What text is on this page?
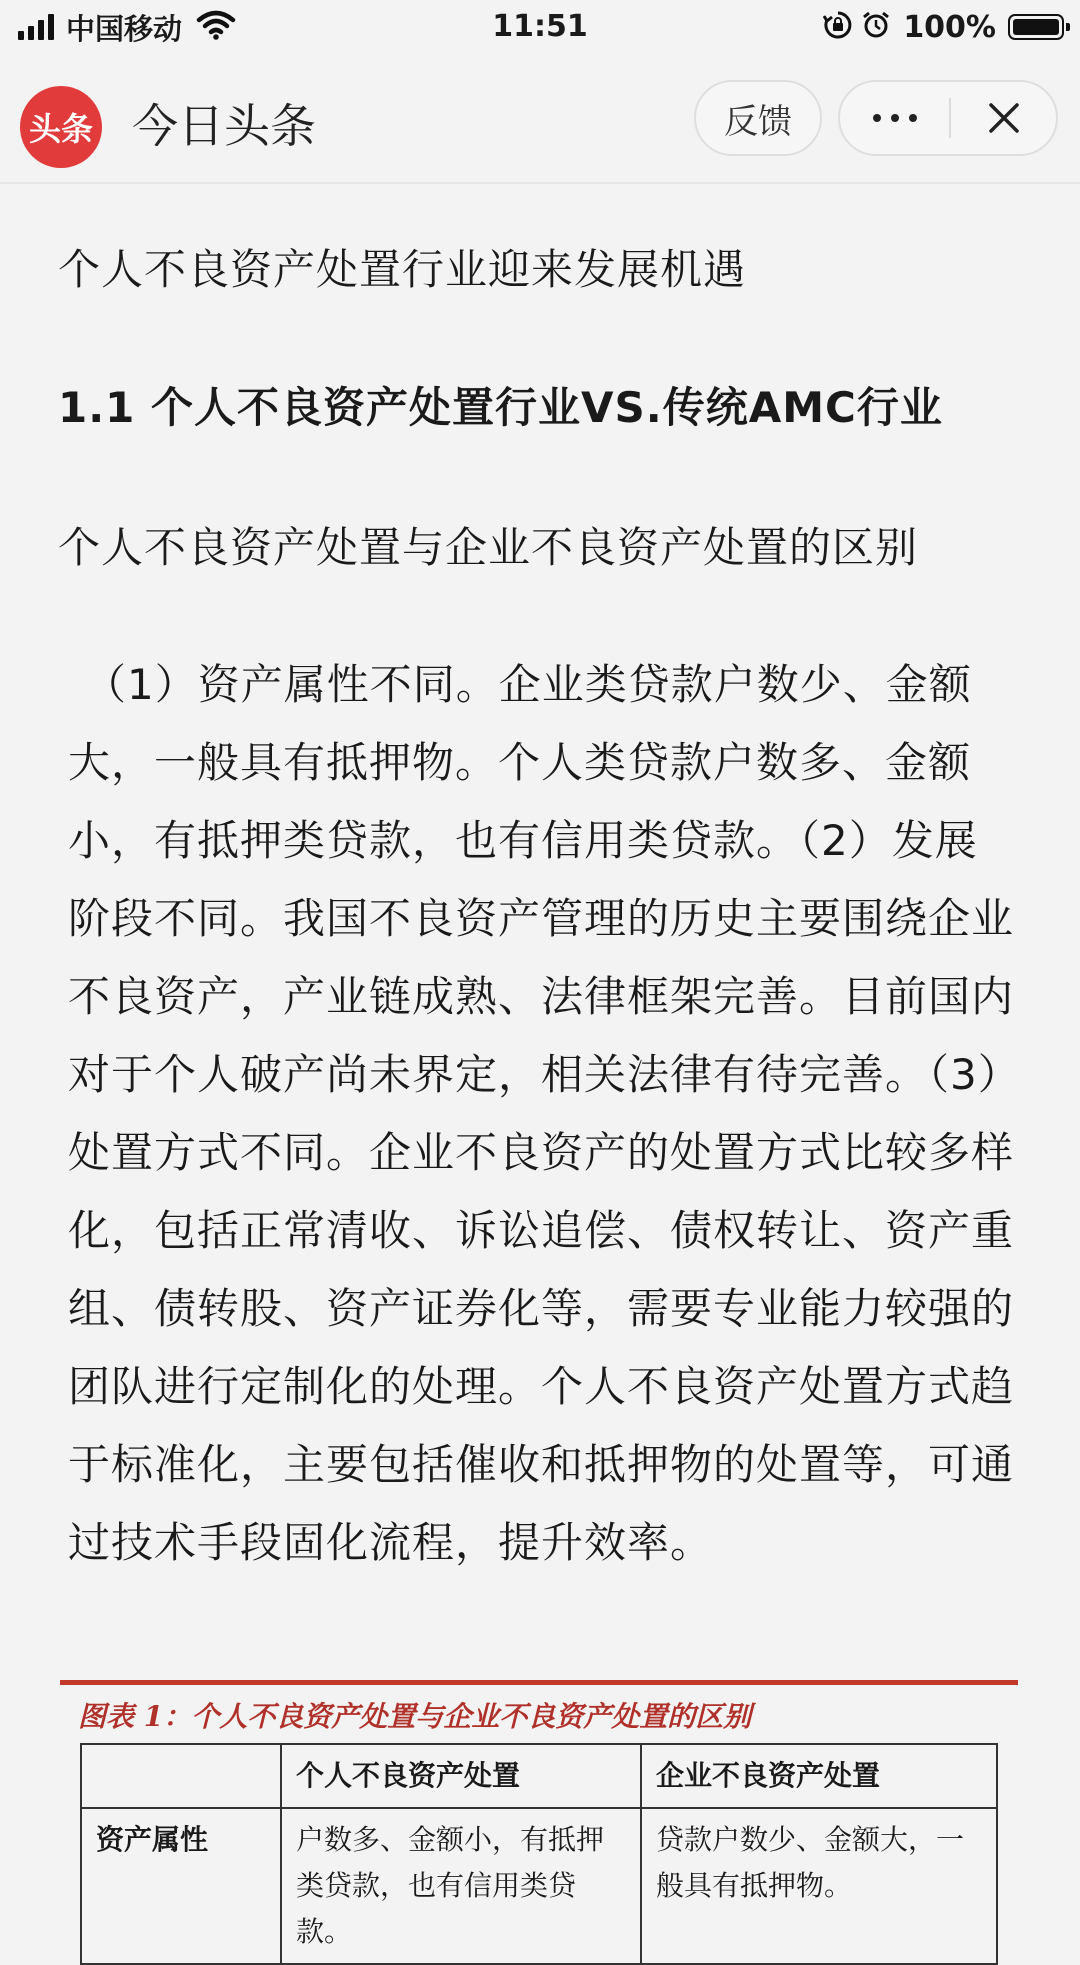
中国移动	11:51	100%
头条 今日头条	反馈

个人不良资产处置行业迎来发展机遇

1.1 个人不良资产处置行业VS.传统AMC行业

个人不良资产处置与企业不良资产处置的区别

（1）资产属性不同。企业类贷款户数少、金额大，一般具有抵押物。个人类贷款户数多、金额小，有抵押类贷款，也有信用类贷款。（2）发展阶段不同。我国不良资产管理的历史主要围绕企业不良资产，产业链成熟、法律框架完善。目前国内对于个人破产尚未界定，相关法律有待完善。（3）处置方式不同。企业不良资产的处置方式比较多样化，包括正常清收、诉讼追偿、债权转让、资产重组、债转股、资产证券化等，需要专业能力较强的团队进行定制化的处理。个人不良资产处置方式趋于标准化，主要包括催收和抵押物的处置等，可通过技术手段固化流程，提升效率。

图表 1：个人不良资产处置与企业不良资产处置的区别
	个人不良资产处置	企业不良资产处置
资产属性	户数多、金额小，有抵押类贷款，也有信用类贷款。	贷款户数少、金额大，一般具有抵押物。
